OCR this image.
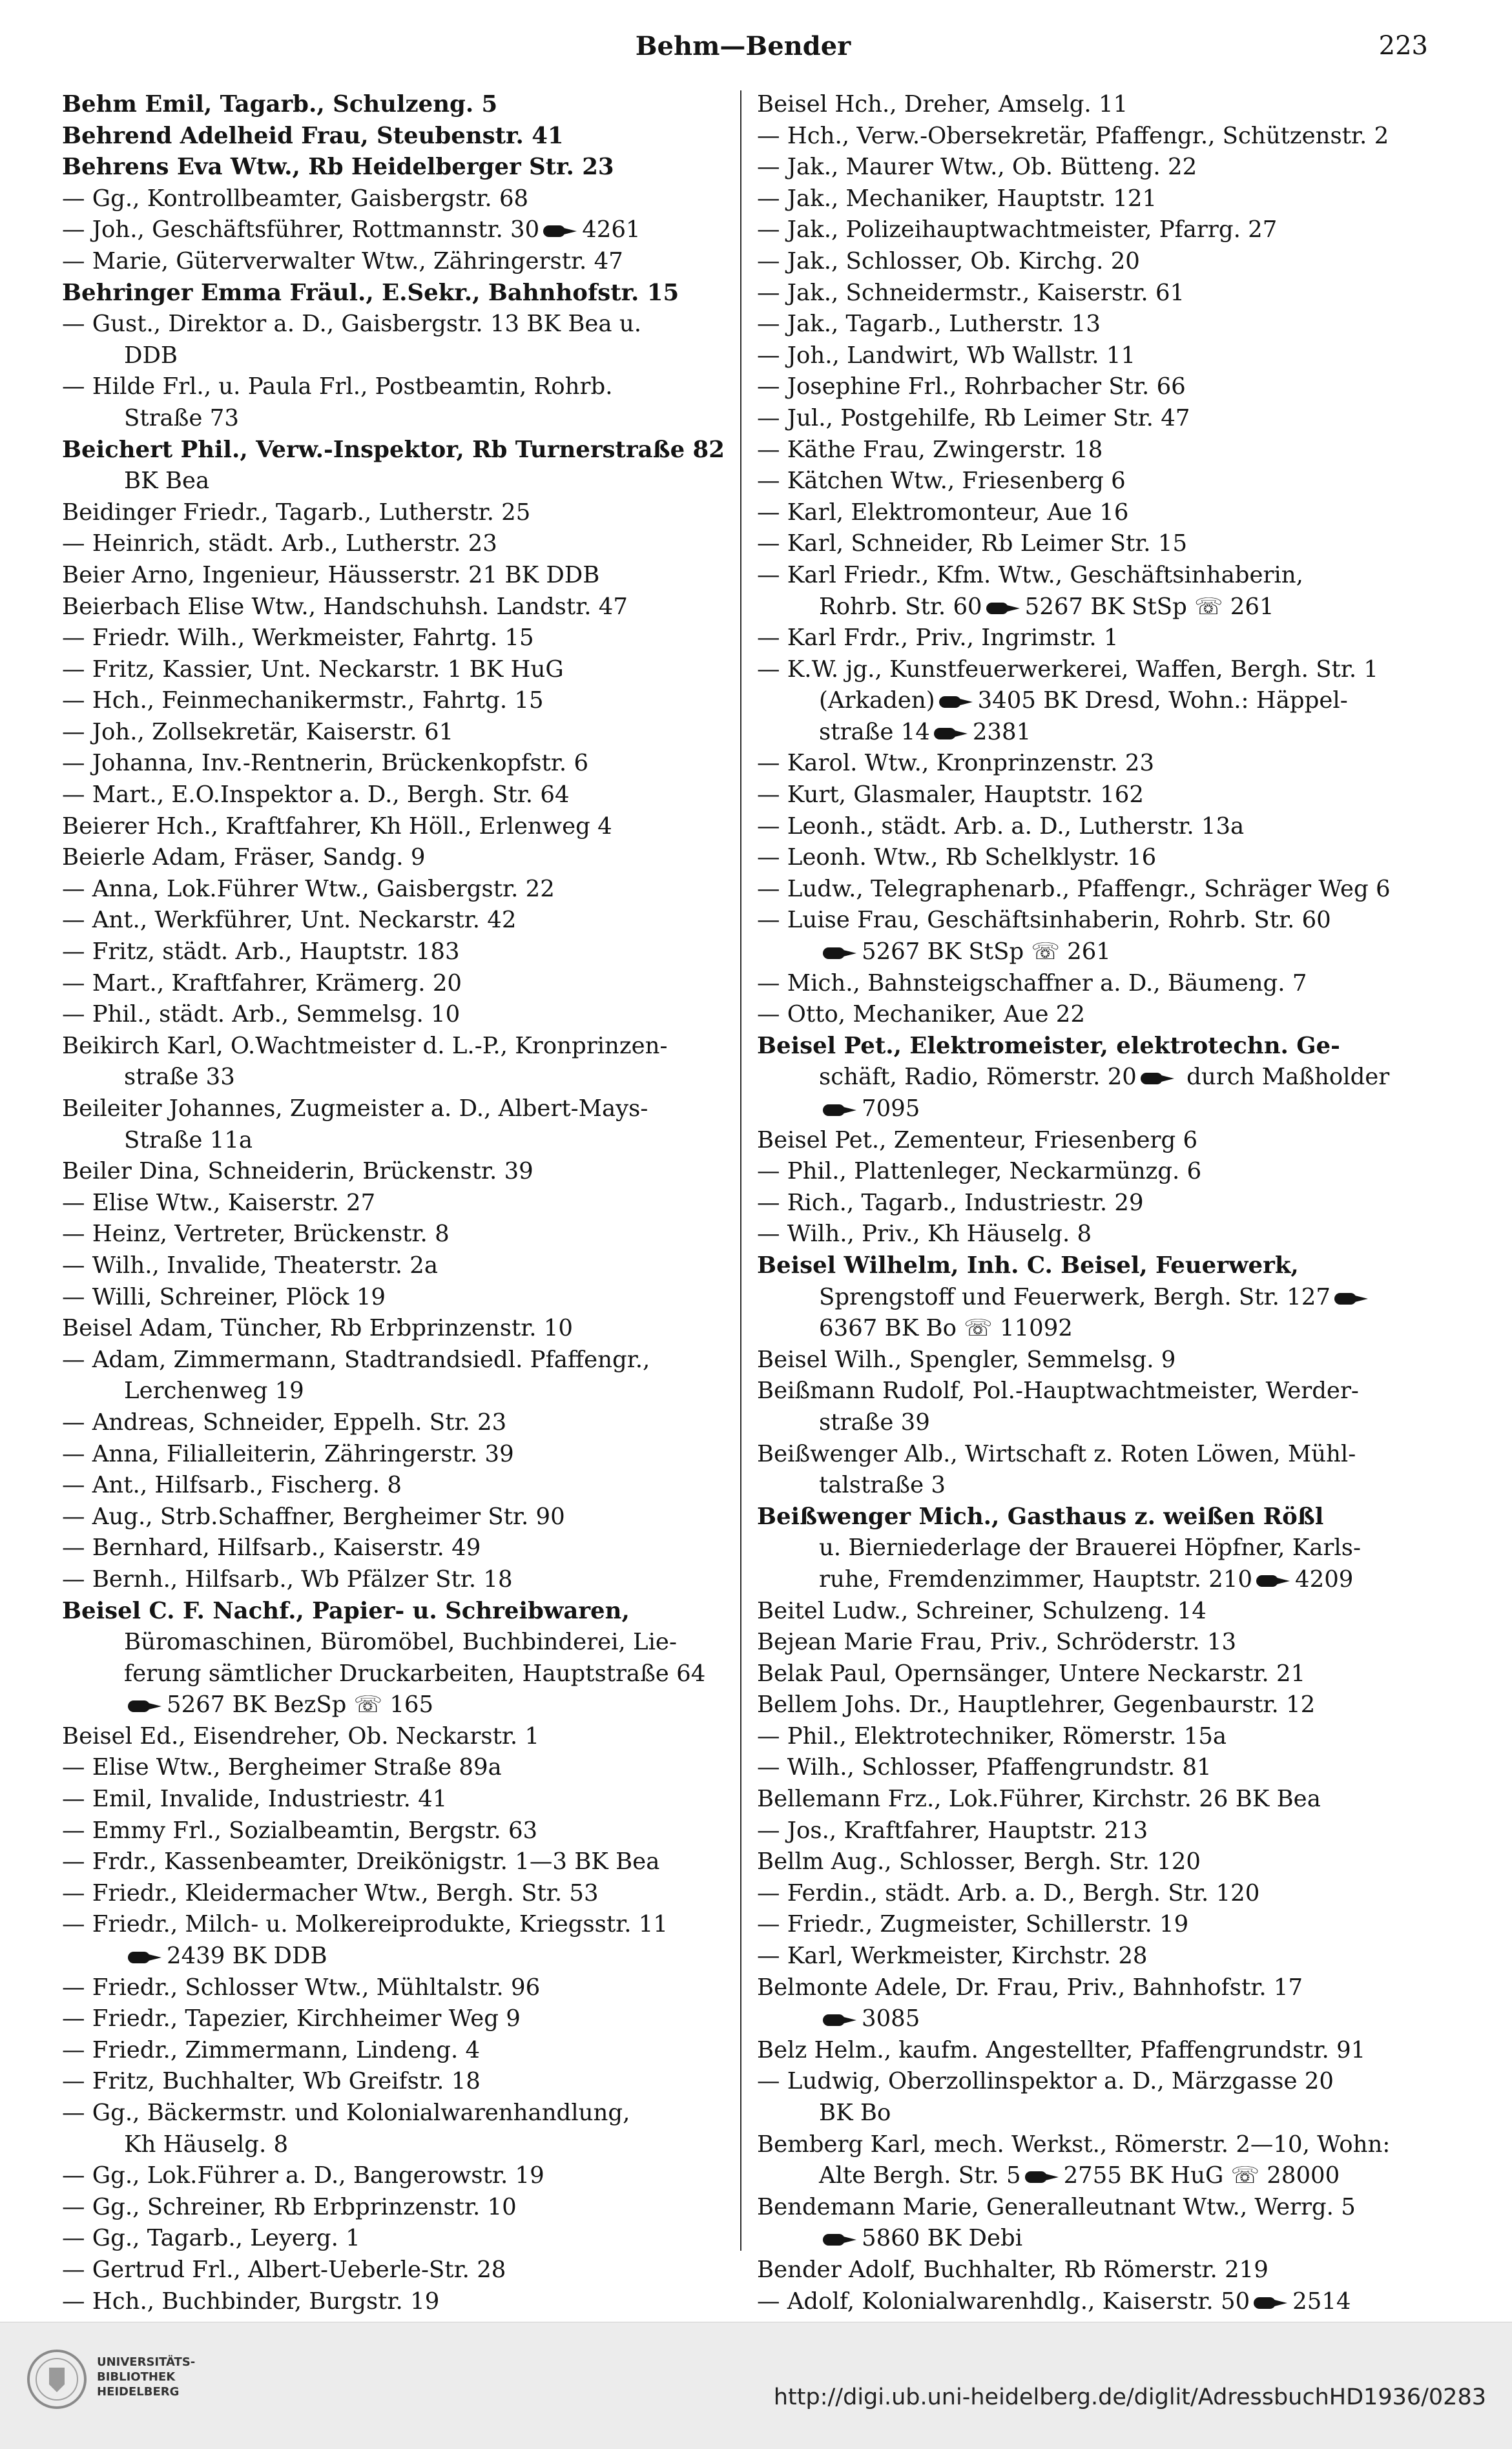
Behm—Bender	223
Behm Emil, Tagarb., Schulzeng. 5
Behrend Adelheid Frau, Steubenstr. 41
Behrens Eva Wtw., Rb Heidelberger Str. 23
— Gg., Kontrollbeamter, Gaisbergstr. 68
— Joh., Geschäftsführer, Rottmannstr. 30 4261
— Marie, Güterverwalter Wtw., Zähringerstr. 47
Behringer Emma Fräul., E.Sekr., Bahnhofstr. 15
— Gust., Direktor a. D., Gaisbergstr. 13 BK Bea u.
DDB
— Hilde Frl., u. Paula Frl., Postbeamtin, Rohrb.
Straße 73
Beichert Phil., Verw.-Inspektor, Rb Turnerstraße 82
BK Bea
Beidinger Friedr., Tagarb., Lutherstr. 25
— Heinrich, städt. Arb., Lutherstr. 23
Beier Arno, Ingenieur, Häusserstr. 21 BK DDB
Beierbach Elise Wtw., Handschuhsh. Landstr. 47
— Friedr. Wilh., Werkmeister, Fahrtg. 15
— Fritz, Kassier, Unt. Neckarstr. 1 BK HuG
— Hch., Feinmechanikermstr., Fahrtg. 15
— Joh., Zollsekretär, Kaiserstr. 61
— Johanna, Inv.-Rentnerin, Brückenkopfstr. 6
— Mart., E.O.Inspektor a. D., Bergh. Str. 64
Beierer Hch., Kraftfahrer, Kh Höll., Erlenweg 4
Beierle Adam, Fräser, Sandg. 9
— Anna, Lok.Führer Wtw., Gaisbergstr. 22
— Ant., Werkführer, Unt. Neckarstr. 42
— Fritz, städt. Arb., Hauptstr. 183
— Mart., Kraftfahrer, Krämerg. 20
— Phil., städt. Arb., Semmelsg. 10
Beikirch Karl, O.Wachtmeister d. L.-P., Kronprinzen-
straße 33
Beileiter Johannes, Zugmeister a. D., Albert-Mays-
Straße 11a
Beiler Dina, Schneiderin, Brückenstr. 39
— Elise Wtw., Kaiserstr. 27
— Heinz, Vertreter, Brückenstr. 8
— Wilh., Invalide, Theaterstr. 2a
— Willi, Schreiner, Plöck 19
Beisel Adam, Tüncher, Rb Erbprinzenstr. 10
— Adam, Zimmermann, Stadtrandsiedl. Pfaffengr.,
Lerchenweg 19
— Andreas, Schneider, Eppelh. Str. 23
— Anna, Filialleiterin, Zähringerstr. 39
— Ant., Hilfsarb., Fischerg. 8
— Aug., Strb.Schaffner, Bergheimer Str. 90
— Bernhard, Hilfsarb., Kaiserstr. 49
— Bernh., Hilfsarb., Wb Pfälzer Str. 18
Beisel C. F. Nachf., Papier- u. Schreibwaren,
Büromaschinen, Büromöbel, Buchbinderei, Lie-
ferung sämtlicher Druckarbeiten, Hauptstraße 64
5267 BK BezSp ☏ 165
Beisel Ed., Eisendreher, Ob. Neckarstr. 1
— Elise Wtw., Bergheimer Straße 89a
— Emil, Invalide, Industriestr. 41
— Emmy Frl., Sozialbeamtin, Bergstr. 63
— Frdr., Kassenbeamter, Dreikönigstr. 1—3 BK Bea
— Friedr., Kleidermacher Wtw., Bergh. Str. 53
— Friedr., Milch- u. Molkereiprodukte, Kriegsstr. 11
2439 BK DDB
— Friedr., Schlosser Wtw., Mühltalstr. 96
— Friedr., Tapezier, Kirchheimer Weg 9
— Friedr., Zimmermann, Lindeng. 4
— Fritz, Buchhalter, Wb Greifstr. 18
— Gg., Bäckermstr. und Kolonialwarenhandlung,
Kh Häuselg. 8
— Gg., Lok.Führer a. D., Bangerowstr. 19
— Gg., Schreiner, Rb Erbprinzenstr. 10
— Gg., Tagarb., Leyerg. 1
— Gertrud Frl., Albert-Ueberle-Str. 28
— Hch., Buchbinder, Burgstr. 19
Beisel Hch., Dreher, Amselg. 11
— Hch., Verw.-Obersekretär, Pfaffengr., Schützenstr. 2
— Jak., Maurer Wtw., Ob. Bütteng. 22
— Jak., Mechaniker, Hauptstr. 121
— Jak., Polizeihauptwachtmeister, Pfarrg. 27
— Jak., Schlosser, Ob. Kirchg. 20
— Jak., Schneidermstr., Kaiserstr. 61
— Jak., Tagarb., Lutherstr. 13
— Joh., Landwirt, Wb Wallstr. 11
— Josephine Frl., Rohrbacher Str. 66
— Jul., Postgehilfe, Rb Leimer Str. 47
— Käthe Frau, Zwingerstr. 18
— Kätchen Wtw., Friesenberg 6
— Karl, Elektromonteur, Aue 16
— Karl, Schneider, Rb Leimer Str. 15
— Karl Friedr., Kfm. Wtw., Geschäftsinhaberin,
Rohrb. Str. 60 5267 BK StSp ☏ 261
— Karl Frdr., Priv., Ingrimstr. 1
— K.W. jg., Kunstfeuerwerkerei, Waffen, Bergh. Str. 1
(Arkaden) 3405 BK Dresd, Wohn.: Häppel-
straße 14 2381
— Karol. Wtw., Kronprinzenstr. 23
— Kurt, Glasmaler, Hauptstr. 162
— Leonh., städt. Arb. a. D., Lutherstr. 13a
— Leonh. Wtw., Rb Schelklystr. 16
— Ludw., Telegraphenarb., Pfaffengr., Schräger Weg 6
— Luise Frau, Geschäftsinhaberin, Rohrb. Str. 60
5267 BK StSp ☏ 261
— Mich., Bahnsteigschaffner a. D., Bäumeng. 7
— Otto, Mechaniker, Aue 22
Beisel Pet., Elektromeister, elektrotechn. Ge-
schäft, Radio, Römerstr. 20 durch Maßholder
7095
Beisel Pet., Zementeur, Friesenberg 6
— Phil., Plattenleger, Neckarmünzg. 6
— Rich., Tagarb., Industriestr. 29
— Wilh., Priv., Kh Häuselg. 8
Beisel Wilhelm, Inh. C. Beisel, Feuerwerk,
Sprengstoff und Feuerwerk, Bergh. Str. 127
6367 BK Bo ☏ 11092
Beisel Wilh., Spengler, Semmelsg. 9
Beißmann Rudolf, Pol.-Hauptwachtmeister, Werder-
straße 39
Beißwenger Alb., Wirtschaft z. Roten Löwen, Mühl-
talstraße 3
Beißwenger Mich., Gasthaus z. weißen Rößl
u. Bierniederlage der Brauerei Höpfner, Karls-
ruhe, Fremdenzimmer, Hauptstr. 210 4209
Beitel Ludw., Schreiner, Schulzeng. 14
Bejean Marie Frau, Priv., Schröderstr. 13
Belak Paul, Opernsänger, Untere Neckarstr. 21
Bellem Johs. Dr., Hauptlehrer, Gegenbaurstr. 12
— Phil., Elektrotechniker, Römerstr. 15a
— Wilh., Schlosser, Pfaffengrundstr. 81
Bellemann Frz., Lok.Führer, Kirchstr. 26 BK Bea
— Jos., Kraftfahrer, Hauptstr. 213
Bellm Aug., Schlosser, Bergh. Str. 120
— Ferdin., städt. Arb. a. D., Bergh. Str. 120
— Friedr., Zugmeister, Schillerstr. 19
— Karl, Werkmeister, Kirchstr. 28
Belmonte Adele, Dr. Frau, Priv., Bahnhofstr. 17
3085
Belz Helm., kaufm. Angestellter, Pfaffengrundstr. 91
— Ludwig, Oberzollinspektor a. D., Märzgasse 20
BK Bo
Bemberg Karl, mech. Werkst., Römerstr. 2—10, Wohn:
Alte Bergh. Str. 5 2755 BK HuG ☏ 28000
Bendemann Marie, Generalleutnant Wtw., Werrg. 5
5860 BK Debi
Bender Adolf, Buchhalter, Rb Römerstr. 219
— Adolf, Kolonialwarenhdlg., Kaiserstr. 50 2514
UNIVERSITÄTS-
BIBLIOTHEK
HEIDELBERG	http://digi.ub.uni-heidelberg.de/diglit/AdressbuchHD1936/0283
